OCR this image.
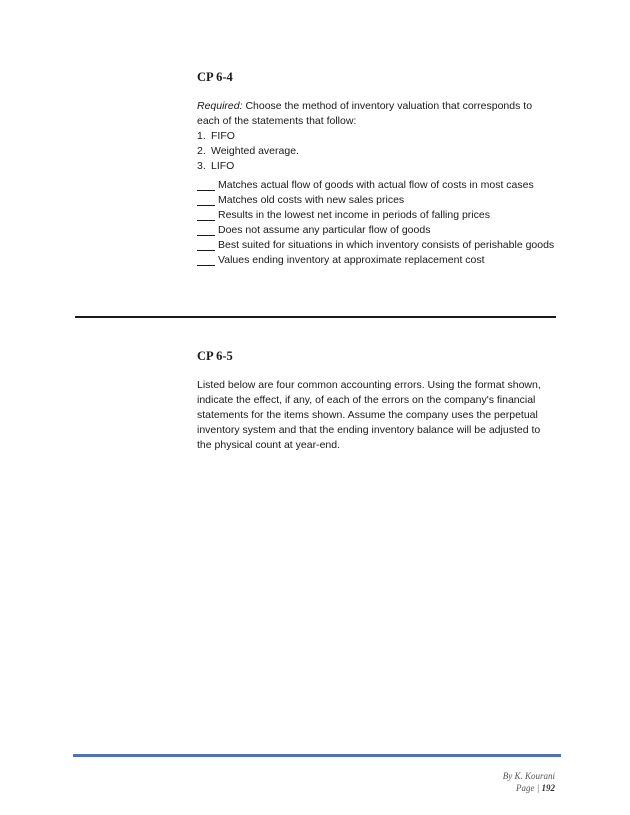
CP 6-4

Required: Choose the method of inventory valuation that corresponds to each of the statements that follow:

1. FIFO
2. Weighted average.
3. LIFO
Matches actual flow of goods with actual flow of costs in most cases
Matches old costs with new sales prices
Results in the lowest net income in periods of falling prices
Does not assume any particular flow of goods
Best suited for situations in which inventory consists of perishable goods
Values ending inventory at approximate replacement cost

CP 6-5

Listed below are four common accounting errors. Using the format shown, indicate the effect, if any, of each of the errors on the company's financial statements for the items shown. Assume the company uses the perpetual inventory system and that the ending inventory balance will be adjusted to the physical count at year-end.

By K. Kourani
Page | 192
